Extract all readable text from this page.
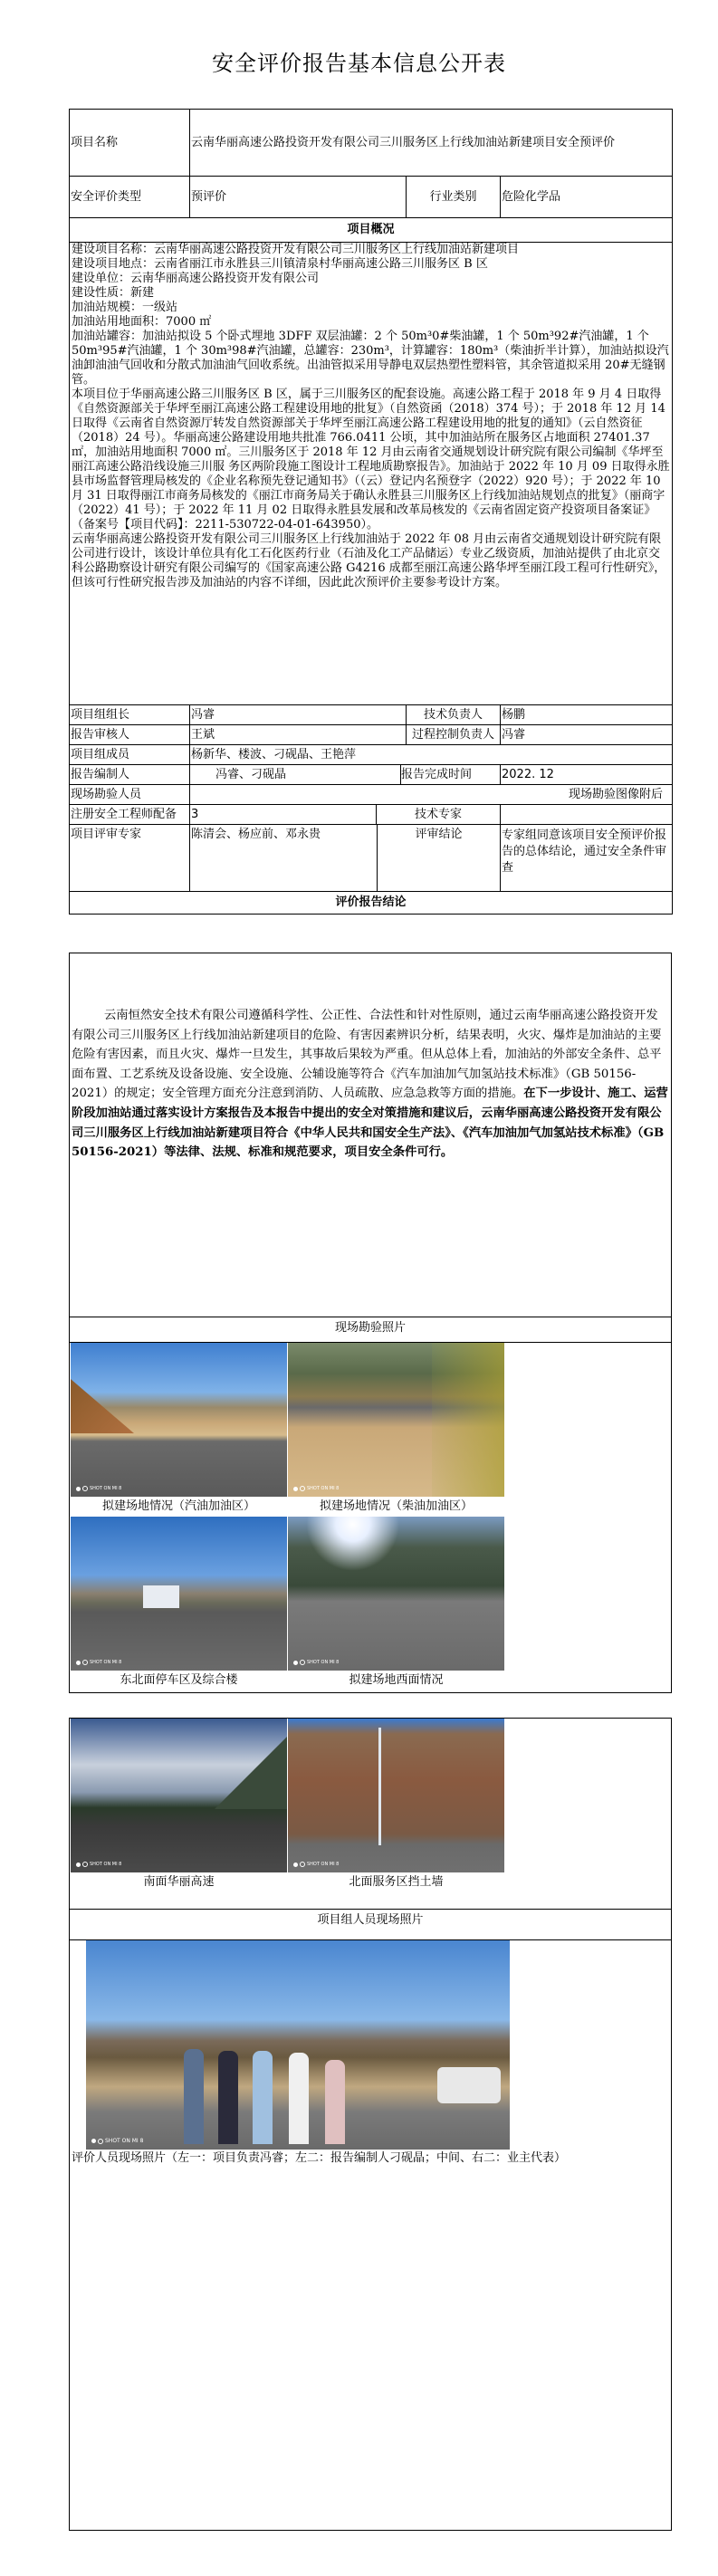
安全评价报告基本信息公开表
项目名称	云南华丽高速公路投资开发有限公司三川服务区上行线加油站新建项目安全预评价		
安全评价类型	预评价	行业类别	危险化学品
项目概况			

建设项目名称：云南华丽高速公路投资开发有限公司三川服务区上行线加油站新建项目

建设项目地点：云南省丽江市永胜县三川镇清泉村华丽高速公路三川服务区 B 区

建设单位：云南华丽高速公路投资开发有限公司

建设性质：新建

加油站规模：一级站

加油站用地面积：7000 ㎡

加油站罐容：加油站拟设 5 个卧式埋地 3DFF 双层油罐：2 个 50m³0#柴油罐，1 个 50m³92#汽油罐，1 个 50m³95#汽油罐，1 个 30m³98#汽油罐，总罐容：230m³，计算罐容：180m³（柴油折半计算），加油站拟设汽油卸油油气回收和分散式加油油气回收系统。出油管拟采用导静电双层热塑性塑料管，其余管道拟采用 20#无缝钢管。

本项目位于华丽高速公路三川服务区 B 区，属于三川服务区的配套设施。高速公路工程于 2018 年 9 月 4 日取得《自然资源部关于华坪至丽江高速公路工程建设用地的批复》（自然资函（2018）374 号）；于 2018 年 12 月 14 日取得《云南省自然资源厅转发自然资源部关于华坪至丽江高速公路工程建设用地的批复的通知》（云自然资征（2018）24 号）。华丽高速公路建设用地共批准 766.0411 公顷，其中加油站所在服务区占地面积 27401.37 ㎡，加油站用地面积 7000 ㎡。三川服务区于 2018 年 12 月由云南省交通规划设计研究院有限公司编制《华坪至丽江高速公路沿线设施三川服 务区两阶段施工图设计工程地质勘察报告》。加油站于 2022 年 10 月 09 日取得永胜县市场监督管理局核发的《企业名称预先登记通知书》（（云）登记内名预登字（2022）920 号）；于 2022 年 10 月 31 日取得丽江市商务局核发的《丽江市商务局关于确认永胜县三川服务区上行线加油站规划点的批复》（丽商字（2022）41 号）；于 2022 年 11 月 02 日取得永胜县发展和改革局核发的《云南省固定资产投资项目备案证》（备案号【项目代码】：2211-530722-04-01-643950）。

云南华丽高速公路投资开发有限公司三川服务区上行线加油站于 2022 年 08 月由云南省交通规划设计研究院有限公司进行设计，该设计单位具有化工石化医药行业（石油及化工产品储运）专业乙级资质，加油站提供了由北京交科公路勘察设计研究有限公司编写的《国家高速公路 G4216 成都至丽江高速公路华坪至丽江段工程可行性研究》，但该可行性研究报告涉及加油站的内容不详细，因此此次预评价主要参考设计方案。

项目组组长	冯睿	技术负责人	杨鹏
报告审核人	王斌	过程控制负责人	冯睿
项目组成员	杨新华、楼波、刁砚晶、王艳萍		
报告编制人	冯睿、刁砚晶 报告完成时间		2022. 12
现场勘验人员	现场勘验图像附后		
注册安全工程师配备	3 技术专家		

项目评审专家	陈清会、杨应前、邓永贵 评审结论		专家组同意该项目安全预评价报告的总体结论，通过安全条件审查
评价报告结论			

云南恒然安全技术有限公司遵循科学性、公正性、合法性和针对性原则，通过云南华丽高速公路投资开发有限公司三川服务区上行线加油站新建项目的危险、有害因素辨识分析，结果表明，火灾、爆炸是加油站的主要危险有害因素，而且火灾、爆炸一旦发生，其事故后果较为严重。但从总体上看，加油站的外部安全条件、总平面布置、工艺系统及设备设施、安全设施、公辅设施等符合《汽车加油加气加氢站技术标准》（GB 50156-2021）的规定；安全管理方面充分注意到消防、人员疏散、应急急救等方面的措施。在下一步设计、施工、运营阶段加油站通过落实设计方案报告及本报告中提出的安全对策措施和建议后，云南华丽高速公路投资开发有限公司三川服务区上行线加油站新建项目符合《中华人民共和国安全生产法》、《汽车加油加气加氢站技术标准》（GB 50156-2021）等法律、法规、标准和规范要求，项目安全条件可行。

现场勘验照片
SHOT ON MI 8	SHOT ON MI 8
拟建场地情况（汽油加油区）	拟建场地情况（柴油加油区）
SHOT ON MI 8	SHOT ON MI 8
东北面停车区及综合楼	拟建场地西面情况
SHOT ON MI 8	SHOT ON MI 8
南面华丽高速	北面服务区挡土墙
项目组人员现场照片
SHOT ON MI 8
评价人员现场照片（左一：项目负责冯睿；左二：报告编制人刁砚晶；中间、右二：业主代表）
